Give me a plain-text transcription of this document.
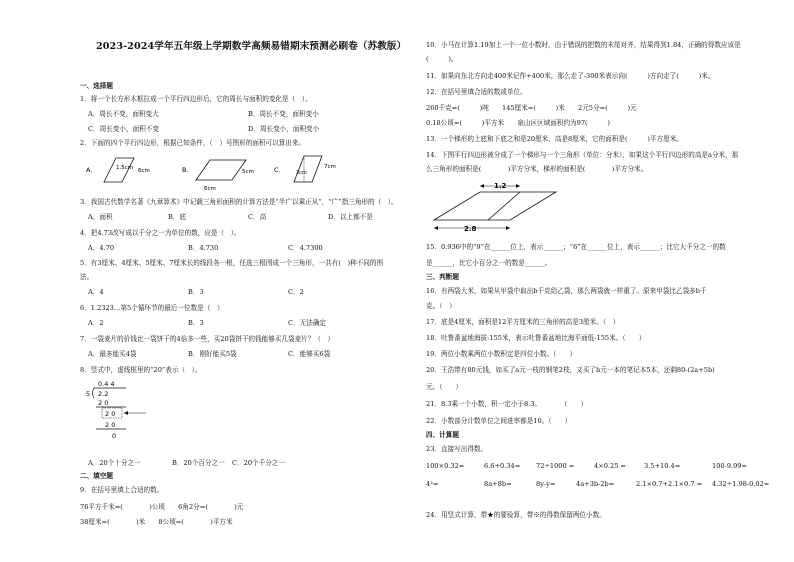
2023-2024学年五年级上学期数学高频易错期末预测必刷卷（苏教版）
一、选择题
1．将一个长方形木框拉成一个平行四边形后，它的周长与面积的变化是（　）。
A．周长不变，面积变大	B．周长不变，面积变小
C．周长变小，面积不变	D．周长变小，面积变小
2．下面的四个平行四边形，根据已知条件，（　）号图形的面积可以算出来。
A．	1.5cm 6cm	B．	5cm
6cm
C．	7cm
3cm
3．我国古代数学名著《九章算术》中记载三角形面积的计算方法是“半广以乘正从”，“广”指三角形的（　）。
A．面积	B．底	C．高	D．以上都不是
4．把4.73改写成以千分之一为单位的数，应是（　）。
A．4.70	B．4.730	C．4.7300
5．有3厘米、4厘米、5厘米、7厘米长的线段各一根，任选三根围成一个三角形，一共有(　)种不同的围
法。
A．4	B．3	C．2
6．1.2323…第5个循环节的最后一位数是（　）
A．2	B．3	C．无法确定
7．一袋麦片的价钱比一袋饼干的4倍多一些，买20袋饼干的钱能够买几袋麦片？（　）
A．最多能买4袋	B．刚好能买5袋	C．能够买6袋
8．竖式中，虚线框里的“20”表示（　）。
0.4 4
5 2.2
2 0
2 0
2 0
0
A．20个十分之一	B．20个百分之一 C．20个千分之一
二、填空题
9．在括号里填上合适的数。
76平方千米=(　　　　)公顷　　6角2分=(　　　　)元
38厘米=(　　　　)米　　8公顷=(　　　　)平方米
10．小马在计算1.19加上一个一位小数时，由于错误的把数的末尾对齐，结果得到1.84，正确的得数应该是
(　　　)。
11．如果向东北方向走400米记作+400米，那么走了-300米表示向(　　　)方向走了(　　　)米。
12．在括号里填合适的数或单位。
260千克=(　　　)吨　　145厘米=(　　　)米　　2元5分=(　　　)元
0.18公顷=(　　　)平方米　　泉山区区域面积约为97(　　　)
13．一个梯形的上底和下底之和是20厘米，高是8厘米，它的面积是(　　　)平方厘米。
14．下图平行四边形被分成了一个梯形与一个三角形（单位：分米），如果这个平行四边形的高是a分米，那
么三角形的面积是(　　　　)平方分米，梯形的面积是(　　　　)平方分米。
1.2
2.8
15．0.936中的“9”在______位上，表示______；“6”在______位上，表示______；比它大千分之一的数
是______，比它小百分之一的数是______。
三、判断题
16．有两袋大米，如果从甲袋中取出b千克给乙袋，那么两袋就一样重了。原来甲袋比乙袋多b千
克。（　）
17．底是4厘米，面积是12平方厘米的三角形的高是3厘米。（　）
18．吐鲁番盆地海拔-155米，表示吐鲁番盆地比海平面低-155米。（　　）
19．两位小数乘两位小数积定是四位小数。（　　）
20．王浩带有80元钱，如买了a元一枝的钢笔2枝，又买了b元一本的笔记本5本，还剩80-(2a+5b)
元。（　　）
21．8.3乘一个小数，积一定小于8.3。　　　　（　　）
22．小数部分计数单位之间进率都是10。（　　）
四、计算题
23．直接写出得数。
100×0.32=	6.6+0.34= 72÷1000 =	4×0.25 =	3.5+10.4=	100-9.99=
4²=	8a+8b=	8y-y=	4a+3b-2b=	2.1×0.7+2.1×0.7 = 4.32÷1.98-0.02=
24．用竖式计算，带★的要验算，带※的得数保留两位小数。
